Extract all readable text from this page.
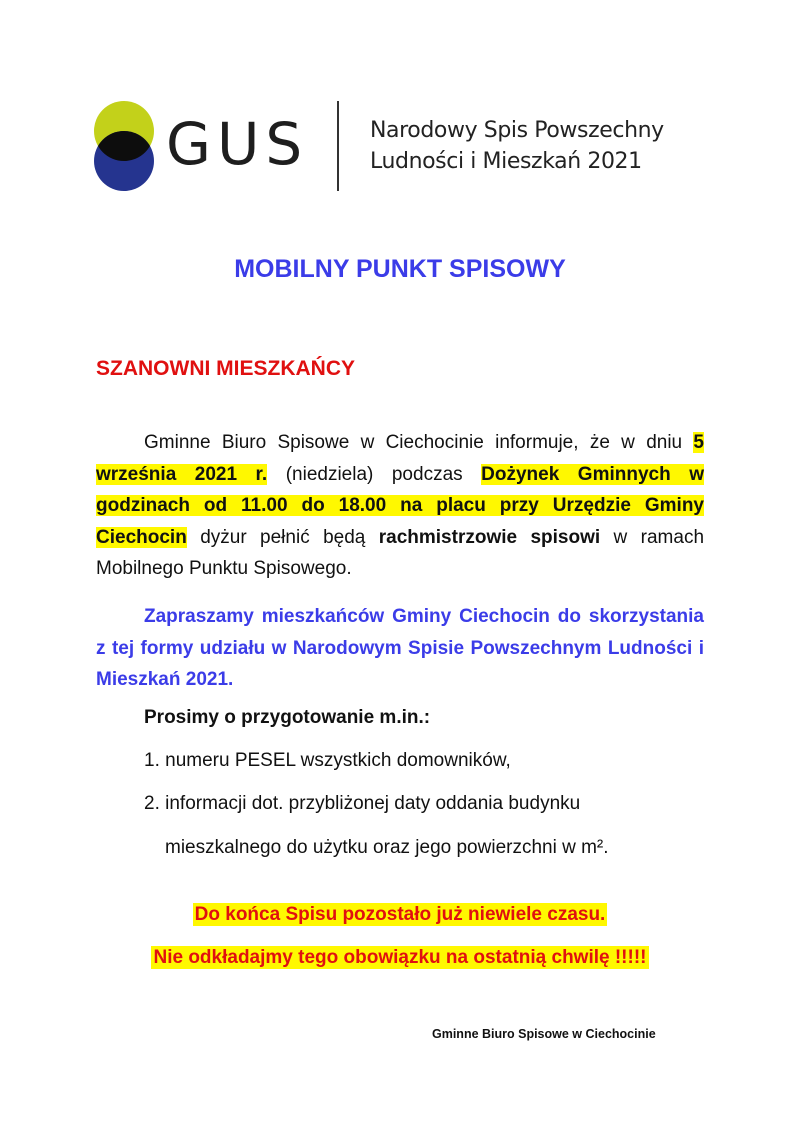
GUS	Narodowy Spis Powszechny
Ludności i Mieszkań 2021
MOBILNY PUNKT SPISOWY
SZANOWNI MIESZKAŃCY
Gminne Biuro Spisowe w Ciechocinie informuje, że w dniu 5 września 2021 r. (niedziela) podczas Dożynek Gminnych w godzinach od 11.00 do 18.00 na placu przy Urzędzie Gminy Ciechocin dyżur pełnić będą rachmistrzowie spisowi w ramach Mobilnego Punktu Spisowego.
Zapraszamy mieszkańców Gminy Ciechocin do skorzystania z tej formy udziału w Narodowym Spisie Powszechnym Ludności i Mieszkań 2021.
Prosimy o przygotowanie m.in.:
1. numeru PESEL wszystkich domowników,
2. informacji dot. przybliżonej daty oddania budynku
mieszkalnego do użytku oraz jego powierzchni w m².
Do końca Spisu pozostało już niewiele czasu.
Nie odkładajmy tego obowiązku na ostatnią chwilę !!!!!
Gminne Biuro Spisowe w Ciechocinie
